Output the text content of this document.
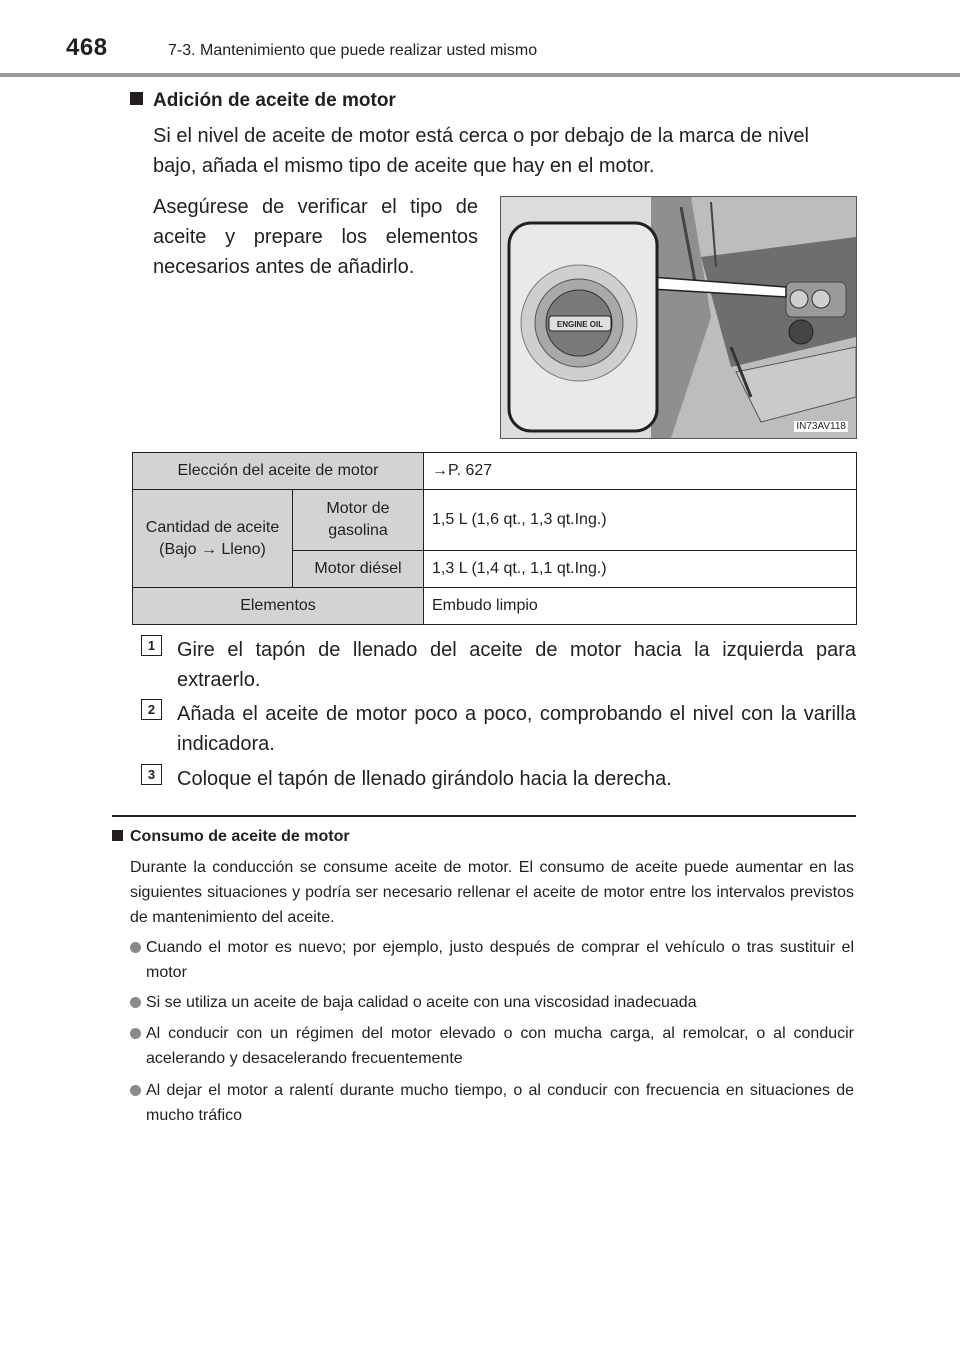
468	7-3. Mantenimiento que puede realizar usted mismo
Adición de aceite de motor
Si el nivel de aceite de motor está cerca o por debajo de la marca de nivel bajo, añada el mismo tipo de aceite que hay en el motor.
Asegúrese de verificar el tipo de aceite y prepare los elementos necesarios antes de añadirlo.
ENGINE OIL
IN73AV118
Elección del aceite de motor		→P. 627
Cantidad de aceite (Bajo → Lleno)	Motor de gasolina	1,5 L (1,6 qt., 1,3 qt.Ing.)
	Motor diésel	1,3 L (1,4 qt., 1,1 qt.Ing.)
Elementos		Embudo limpio
1	Gire el tapón de llenado del aceite de motor hacia la izquierda para extraerlo.
2	Añada el aceite de motor poco a poco, comprobando el nivel con la varilla indicadora.
3	Coloque el tapón de llenado girándolo hacia la derecha.
Consumo de aceite de motor
Durante la conducción se consume aceite de motor. El consumo de aceite puede aumentar en las siguientes situaciones y podría ser necesario rellenar el aceite de motor entre los intervalos previstos de mantenimiento del aceite.
Cuando el motor es nuevo; por ejemplo, justo después de comprar el vehículo o tras sustituir el motor
Si se utiliza un aceite de baja calidad o aceite con una viscosidad inadecuada
Al conducir con un régimen del motor elevado o con mucha carga, al remolcar, o al conducir acelerando y desacelerando frecuentemente
Al dejar el motor a ralentí durante mucho tiempo, o al conducir con frecuencia en situaciones de mucho tráfico
